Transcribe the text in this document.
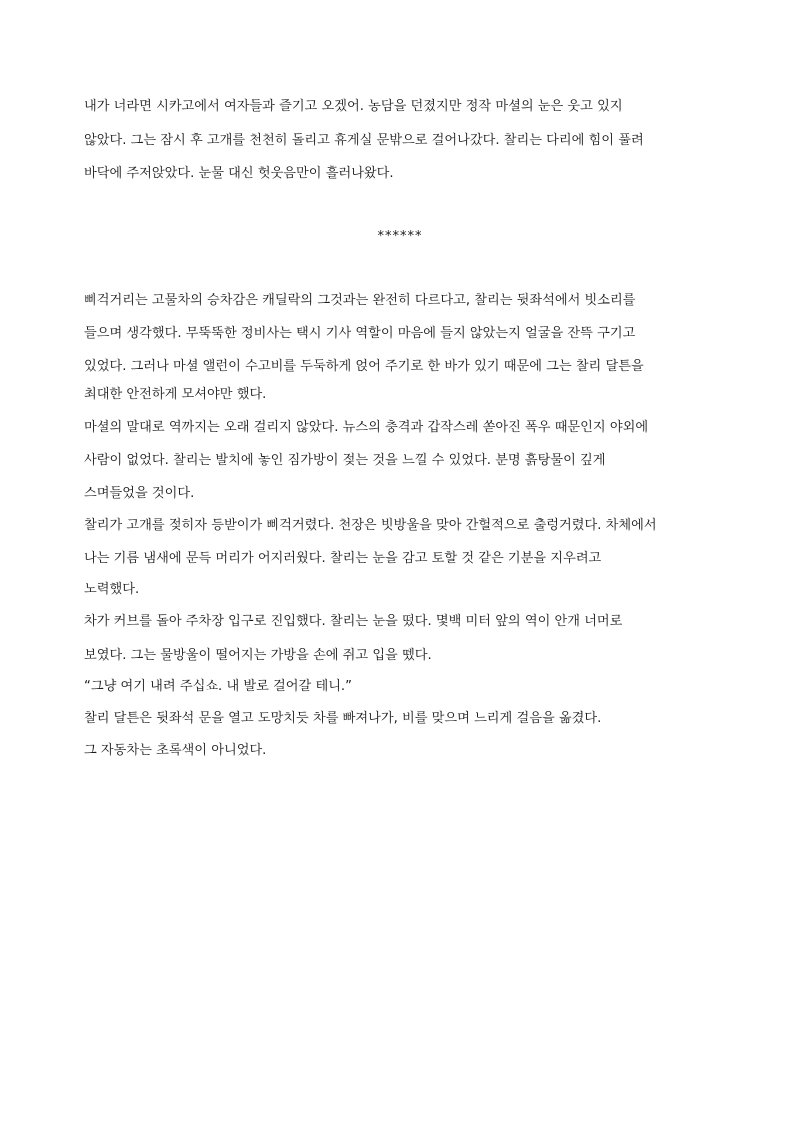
내가 너라면 시카고에서 여자들과 즐기고 오겠어. 농담을 던졌지만 정작 마셜의 눈은 웃고 있지
않았다. 그는 잠시 후 고개를 천천히 돌리고 휴게실 문밖으로 걸어나갔다. 찰리는 다리에 힘이 풀려
바닥에 주저앉았다. 눈물 대신 헛웃음만이 흘러나왔다.
******
삐걱거리는 고물차의 승차감은 캐딜락의 그것과는 완전히 다르다고, 찰리는 뒷좌석에서 빗소리를
들으며 생각했다. 무뚝뚝한 정비사는 택시 기사 역할이 마음에 들지 않았는지 얼굴을 잔뜩 구기고
있었다. 그러나 마셜 앨런이 수고비를 두둑하게 얹어 주기로 한 바가 있기 때문에 그는 찰리 달튼을
최대한 안전하게 모셔야만 했다.
마셜의 말대로 역까지는 오래 걸리지 않았다. 뉴스의 충격과 갑작스레 쏟아진 폭우 때문인지 야외에
사람이 없었다. 찰리는 발치에 놓인 짐가방이 젖는 것을 느낄 수 있었다. 분명 흙탕물이 깊게
스며들었을 것이다.
찰리가 고개를 젖히자 등받이가 삐걱거렸다. 천장은 빗방울을 맞아 간헐적으로 출렁거렸다. 차체에서
나는 기름 냄새에 문득 머리가 어지러웠다. 찰리는 눈을 감고 토할 것 같은 기분을 지우려고
노력했다.
차가 커브를 돌아 주차장 입구로 진입했다. 찰리는 눈을 떴다. 몇백 미터 앞의 역이 안개 너머로
보였다. 그는 물방울이 떨어지는 가방을 손에 쥐고 입을 뗐다.
“그냥 여기 내려 주십쇼. 내 발로 걸어갈 테니.”
찰리 달튼은 뒷좌석 문을 열고 도망치듯 차를 빠져나가, 비를 맞으며 느리게 걸음을 옮겼다.
그 자동차는 초록색이 아니었다.
